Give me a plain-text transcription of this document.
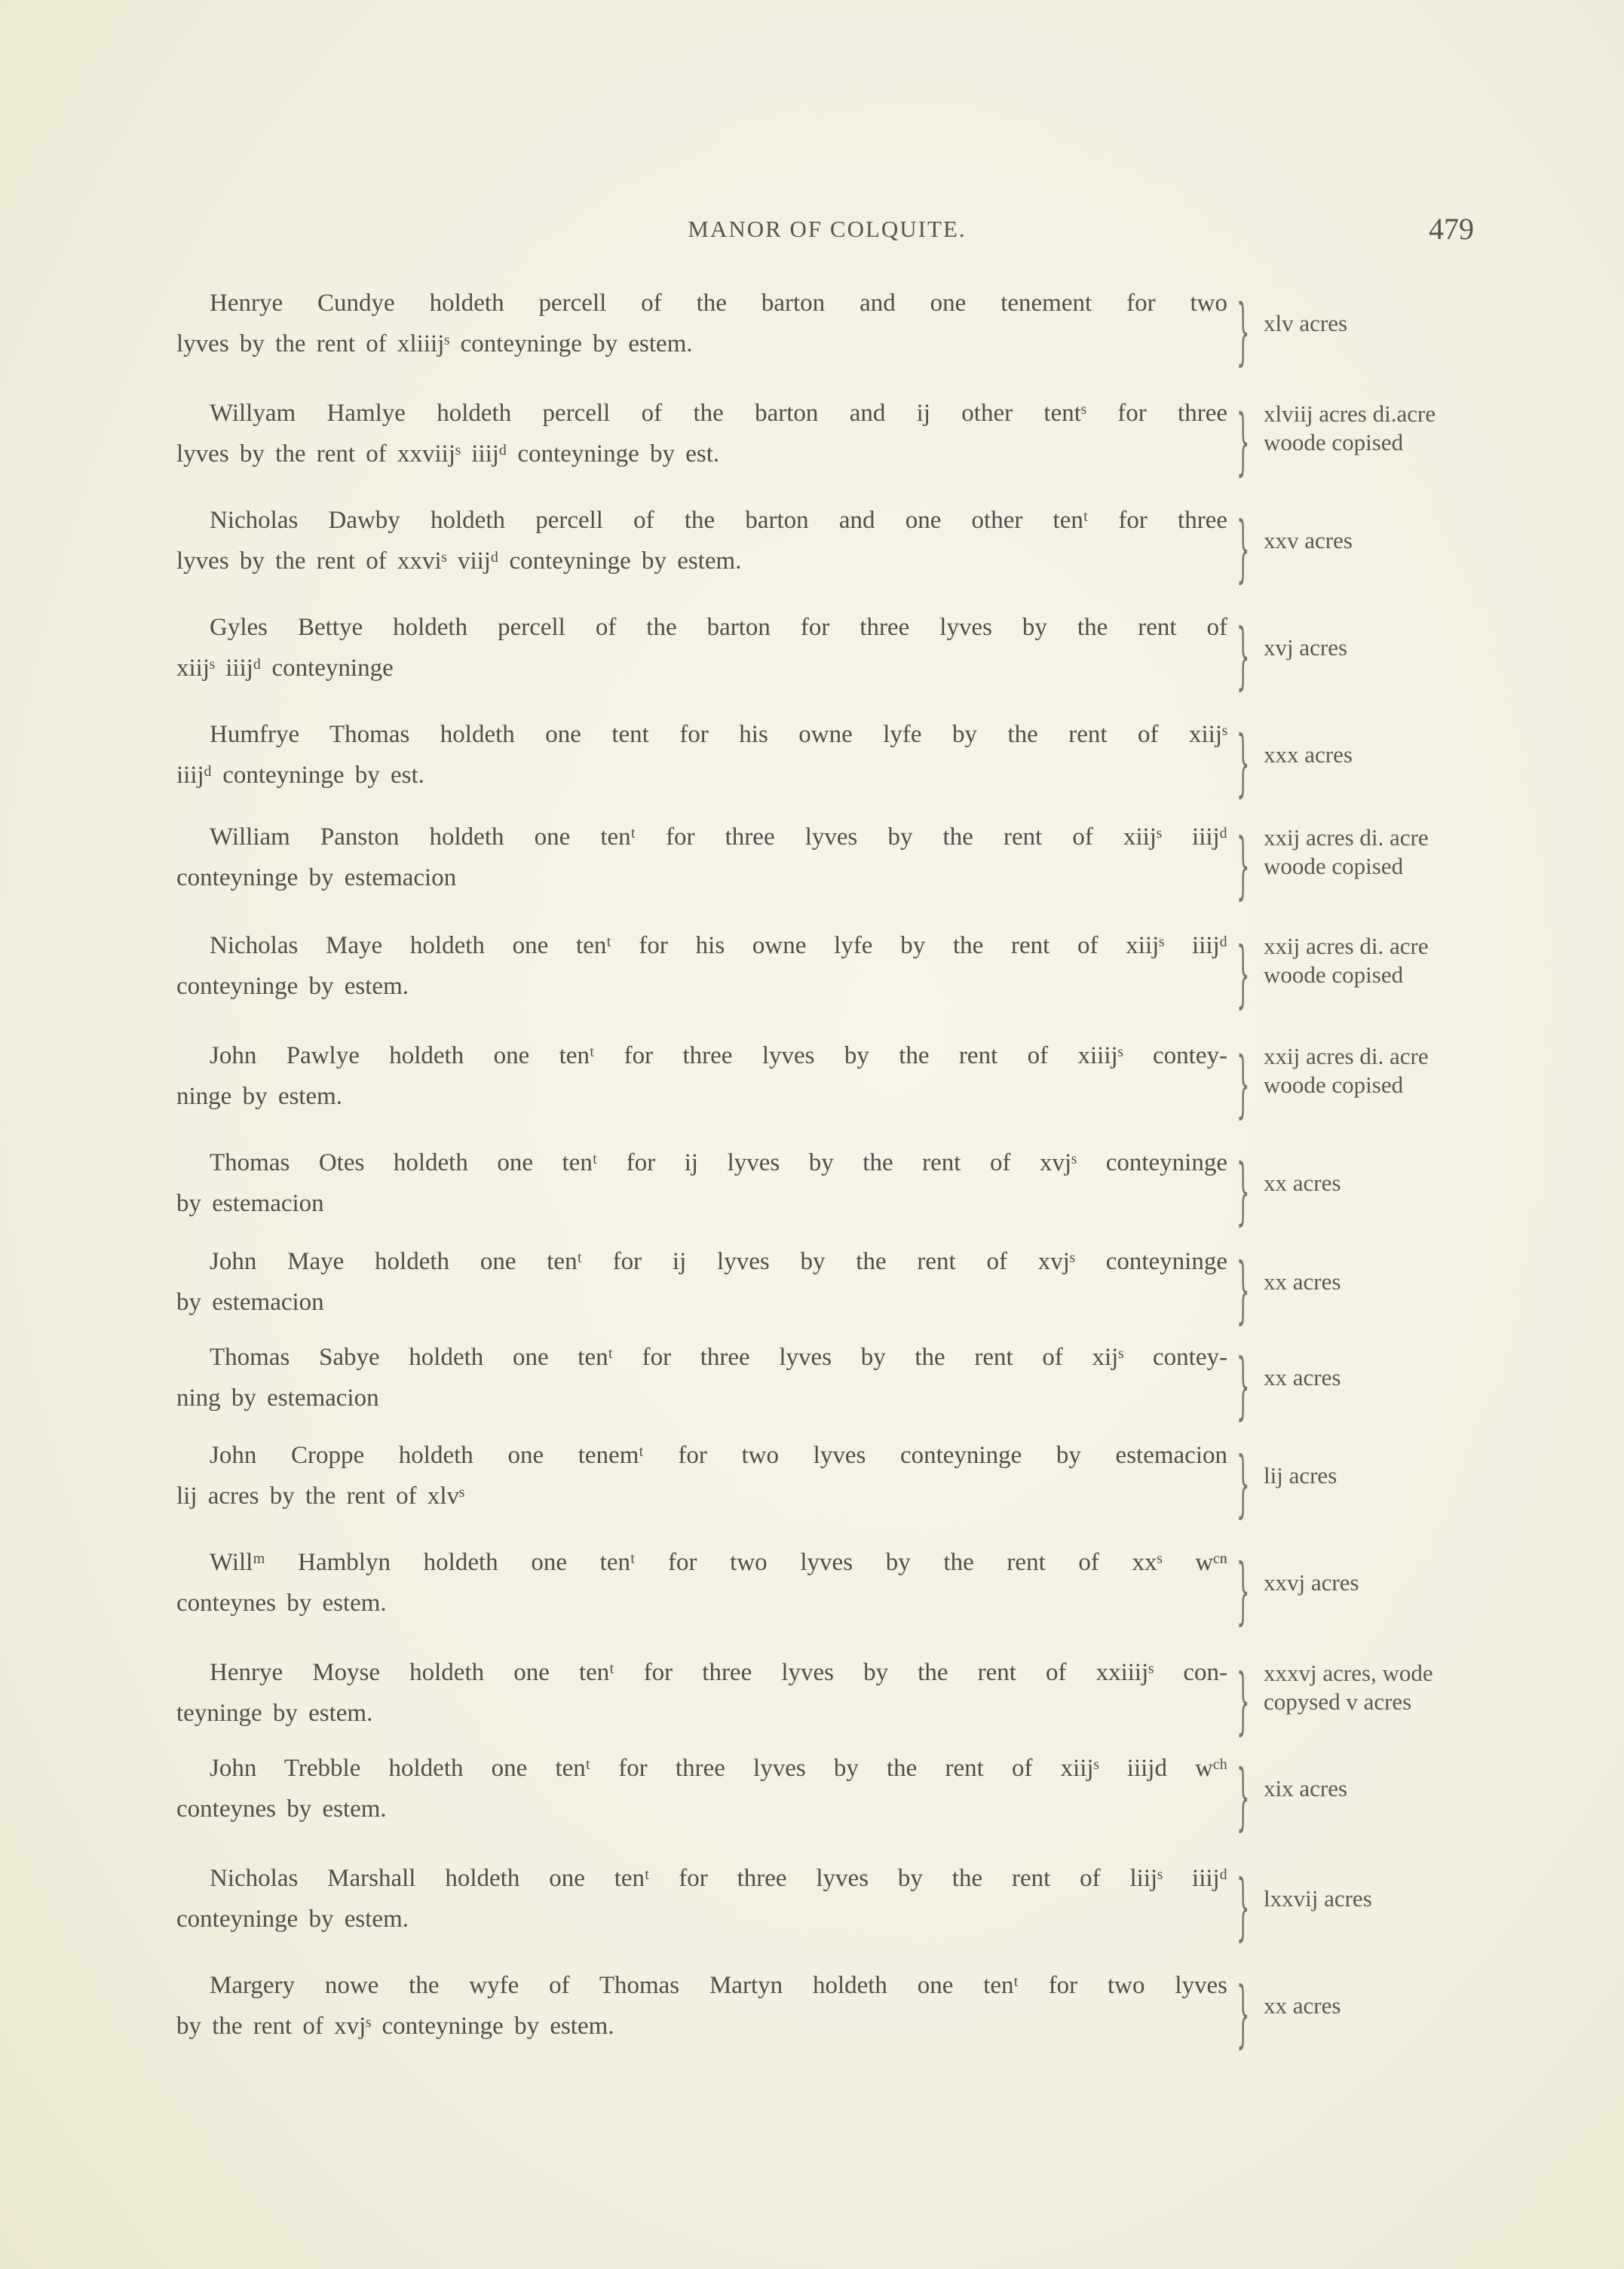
MANOR OF COLQUITE.	479
Henrye Cundye holdeth percell of the barton and one tenement for two
lyves by the rent of xliiijˢ conteyninge by estem.	} xlv acres
Willyam Hamlye holdeth percell of the barton and ij other tentˢ for three
lyves by the rent of xxviijˢ iiijᵈ conteyninge by est.	} xlviij acres di.acre
woode copised
Nicholas Dawby holdeth percell of the barton and one other tenᵗ for three
lyves by the rent of xxviˢ viijᵈ conteyninge by estem.	} xxv acres
Gyles Bettye holdeth percell of the barton for three lyves by the rent of
xiijˢ iiijᵈ conteyninge	} xvj acres
Humfrye Thomas holdeth one tent for his owne lyfe by the rent of xiijˢ
iiijᵈ conteyninge by est.	} xxx acres
William Panston holdeth one tenᵗ for three lyves by the rent of xiijˢ iiijᵈ
conteyninge by estemacion	} xxij acres di. acre
woode copised
Nicholas Maye holdeth one tenᵗ for his owne lyfe by the rent of xiijˢ iiijᵈ
conteyninge by estem.	} xxij acres di. acre
woode copised
John Pawlye holdeth one tenᵗ for three lyves by the rent of xiiijˢ contey-
ninge by estem.	} xxij acres di. acre
woode copised
Thomas Otes holdeth one tenᵗ for ij lyves by the rent of xvjˢ conteyninge
by estemacion	} xx acres
John Maye holdeth one tenᵗ for ij lyves by the rent of xvjˢ conteyninge
by estemacion	} xx acres
Thomas Sabye holdeth one tenᵗ for three lyves by the rent of xijˢ contey-
ning by estemacion	} xx acres
John Croppe holdeth one tenemᵗ for two lyves conteyninge by estemacion
lij acres by the rent of xlvˢ	} lij acres
Willᵐ Hamblyn holdeth one tenᵗ for two lyves by the rent of xxˢ wᶜⁿ
conteynes by estem.	} xxvj acres
Henrye Moyse holdeth one tenᵗ for three lyves by the rent of xxiiijˢ con-
teyninge by estem.	} xxxvj acres, wode
copysed v acres
John Trebble holdeth one tenᵗ for three lyves by the rent of xiijˢ iiijd wᶜʰ
conteynes by estem.	} xix acres
Nicholas Marshall holdeth one tenᵗ for three lyves by the rent of liijˢ iiijᵈ
conteyninge by estem.	} lxxvij acres
Margery nowe the wyfe of Thomas Martyn holdeth one tenᵗ for two lyves
by the rent of xvjˢ conteyninge by estem.	} xx acres
